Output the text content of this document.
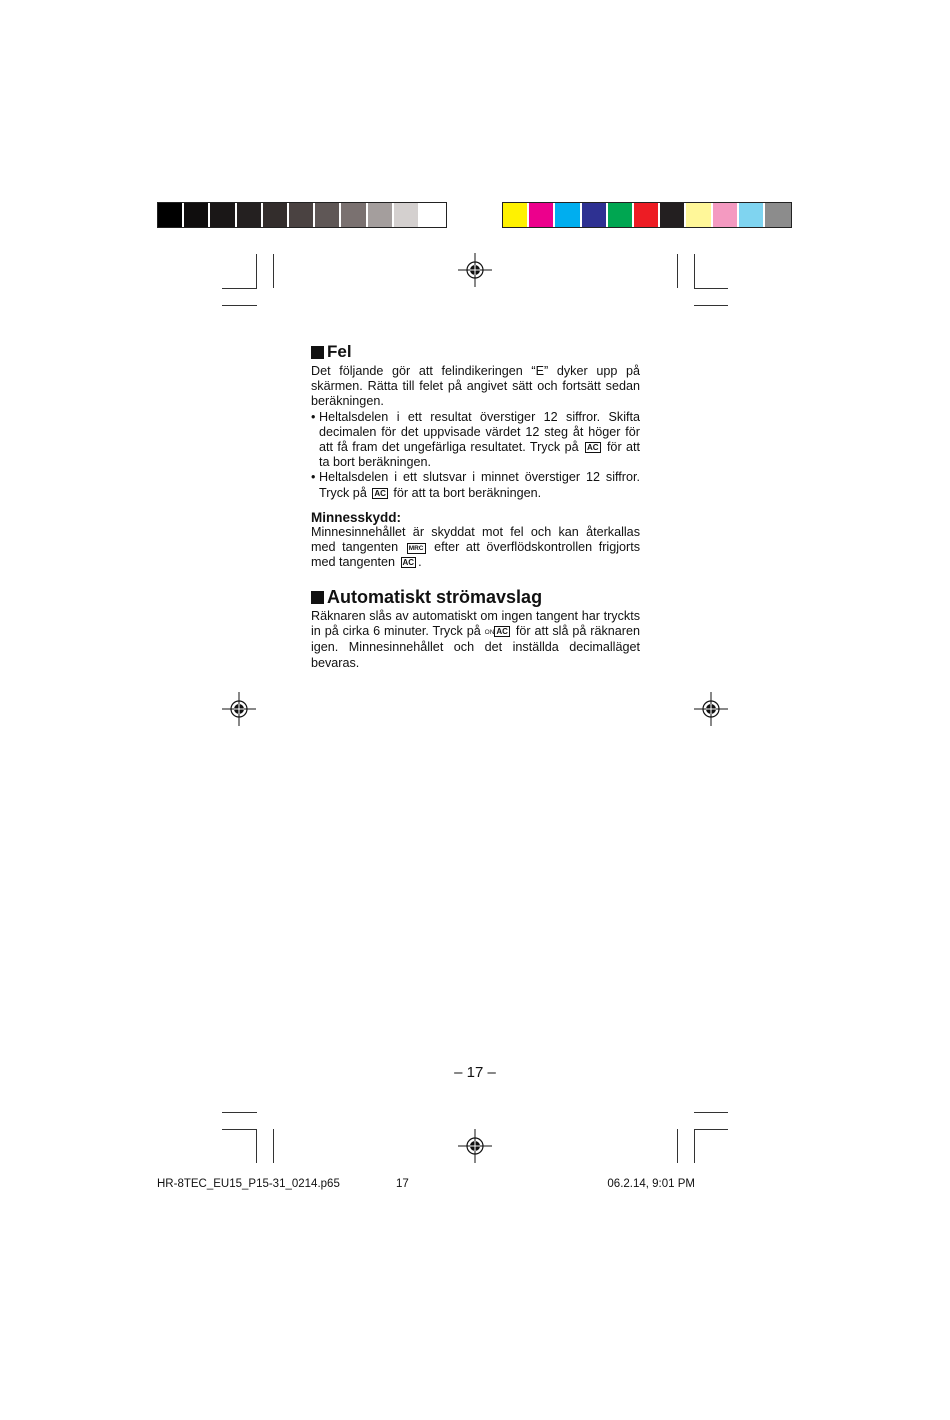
Fel

Det följande gör att felindikeringen “E” dyker upp på skärmen. Rätta till felet på angivet sätt och fortsätt sedan beräkningen.

• Heltalsdelen i ett resultat överstiger 12 siffror. Skifta decimalen för det uppvisade värdet 12 steg åt höger för att få fram det ungefärliga resultatet. Tryck på AC för att ta bort beräkningen.
• Heltalsdelen i ett slutsvar i minnet överstiger 12 siffror. Tryck på AC för att ta bort beräkningen.
Minnesskydd:

Minnesinnehållet är skyddat mot fel och kan återkallas med tangenten MRC efter att överflödskontrollen frigjorts med tangenten AC .

Automatiskt strömavslag

Räknaren slås av automatiskt om ingen tangent har tryckts in på cirka 6 minuter. Tryck på ON AC för att slå på räknaren igen. Minnesinnehållet och det inställda decimalläget bevaras.

– 17 –
HR-8TEC_EU15_P15-31_0214.p65	17	06.2.14, 9:01 PM
